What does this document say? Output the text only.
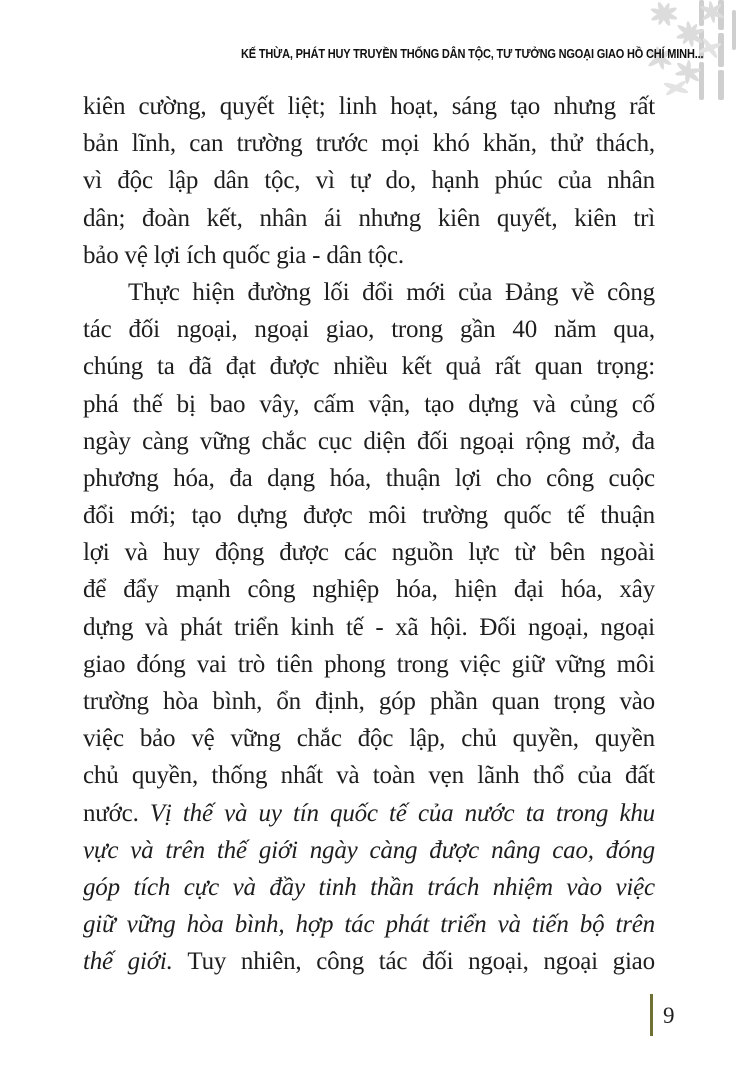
KẾ THỪA, PHÁT HUY TRUYỀN THỐNG DÂN TỘC, TƯ TƯỞNG NGOẠI GIAO HỒ CHÍ MINH...
kiên cường, quyết liệt; linh hoạt, sáng tạo nhưng rất
bản lĩnh, can trường trước mọi khó khăn, thử thách,
vì độc lập dân tộc, vì tự do, hạnh phúc của nhân
dân; đoàn kết, nhân ái nhưng kiên quyết, kiên trì
bảo vệ lợi ích quốc gia - dân tộc.
Thực hiện đường lối đổi mới của Đảng về công
tác đối ngoại, ngoại giao, trong gần 40 năm qua,
chúng ta đã đạt được nhiều kết quả rất quan trọng:
phá thế bị bao vây, cấm vận, tạo dựng và củng cố
ngày càng vững chắc cục diện đối ngoại rộng mở, đa
phương hóa, đa dạng hóa, thuận lợi cho công cuộc
đổi mới; tạo dựng được môi trường quốc tế thuận
lợi và huy động được các nguồn lực từ bên ngoài
để đẩy mạnh công nghiệp hóa, hiện đại hóa, xây
dựng và phát triển kinh tế - xã hội. Đối ngoại, ngoại
giao đóng vai trò tiên phong trong việc giữ vững môi
trường hòa bình, ổn định, góp phần quan trọng vào
việc bảo vệ vững chắc độc lập, chủ quyền, quyền
chủ quyền, thống nhất và toàn vẹn lãnh thổ của đất
nước. Vị thế và uy tín quốc tế của nước ta trong khu
vực và trên thế giới ngày càng được nâng cao, đóng
góp tích cực và đầy tinh thần trách nhiệm vào việc
giữ vững hòa bình, hợp tác phát triển và tiến bộ trên
thế giới. Tuy nhiên, công tác đối ngoại, ngoại giao
9
